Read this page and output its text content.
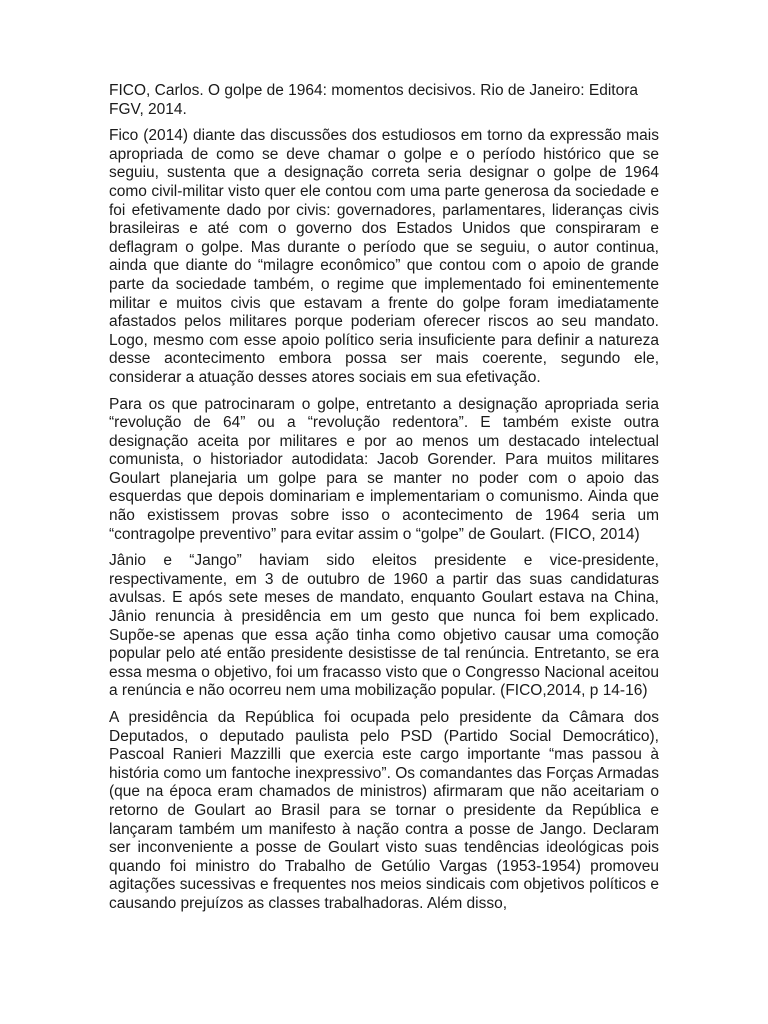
FICO, Carlos. O golpe de 1964: momentos decisivos. Rio de Janeiro: Editora FGV, 2014.

Fico (2014) diante das discussões dos estudiosos em torno da expressão mais apropriada de como se deve chamar o golpe e o período histórico que se seguiu, sustenta que a designação correta seria designar o golpe de 1964 como civil-militar visto quer ele contou com uma parte generosa da sociedade e foi efetivamente dado por civis: governadores, parlamentares, lideranças civis brasileiras e até com o governo dos Estados Unidos que conspiraram e deflagram o golpe. Mas durante o período que se seguiu, o autor continua, ainda que diante do “milagre econômico” que contou com o apoio de grande parte da sociedade também, o regime que implementado foi eminentemente militar e muitos civis que estavam a frente do golpe foram imediatamente afastados pelos militares porque poderiam oferecer riscos ao seu mandato. Logo, mesmo com esse apoio político seria insuficiente para definir a natureza desse acontecimento embora possa ser mais coerente, segundo ele, considerar a atuação desses atores sociais em sua efetivação.

Para os que patrocinaram o golpe, entretanto a designação apropriada seria “revolução de 64” ou a “revolução redentora”. E também existe outra designação aceita por militares e por ao menos um destacado intelectual comunista, o historiador autodidata: Jacob Gorender. Para muitos militares Goulart planejaria um golpe para se manter no poder com o apoio das esquerdas que depois dominariam e implementariam o comunismo. Ainda que não existissem provas sobre isso o acontecimento de 1964 seria um “contragolpe preventivo” para evitar assim o “golpe” de Goulart. (FICO, 2014)

Jânio e “Jango” haviam sido eleitos presidente e vice-presidente, respectivamente, em 3 de outubro de 1960 a partir das suas candidaturas avulsas. E após sete meses de mandato, enquanto Goulart estava na China, Jânio renuncia à presidência em um gesto que nunca foi bem explicado. Supõe-se apenas que essa ação tinha como objetivo causar uma comoção popular pelo até então presidente desistisse de tal renúncia. Entretanto, se era essa mesma o objetivo, foi um fracasso visto que o Congresso Nacional aceitou a renúncia e não ocorreu nem uma mobilização popular. (FICO,2014, p 14-16)

A presidência da República foi ocupada pelo presidente da Câmara dos Deputados, o deputado paulista pelo PSD (Partido Social Democrático), Pascoal Ranieri Mazzilli que exercia este cargo importante “mas passou à história como um fantoche inexpressivo”. Os comandantes das Forças Armadas (que na época eram chamados de ministros) afirmaram que não aceitariam o retorno de Goulart ao Brasil para se tornar o presidente da República e lançaram também um manifesto à nação contra a posse de Jango. Declaram ser inconveniente a posse de Goulart visto suas tendências ideológicas pois quando foi ministro do Trabalho de Getúlio Vargas (1953-1954) promoveu agitações sucessivas e frequentes nos meios sindicais com objetivos políticos e causando prejuízos as classes trabalhadoras. Além disso,
